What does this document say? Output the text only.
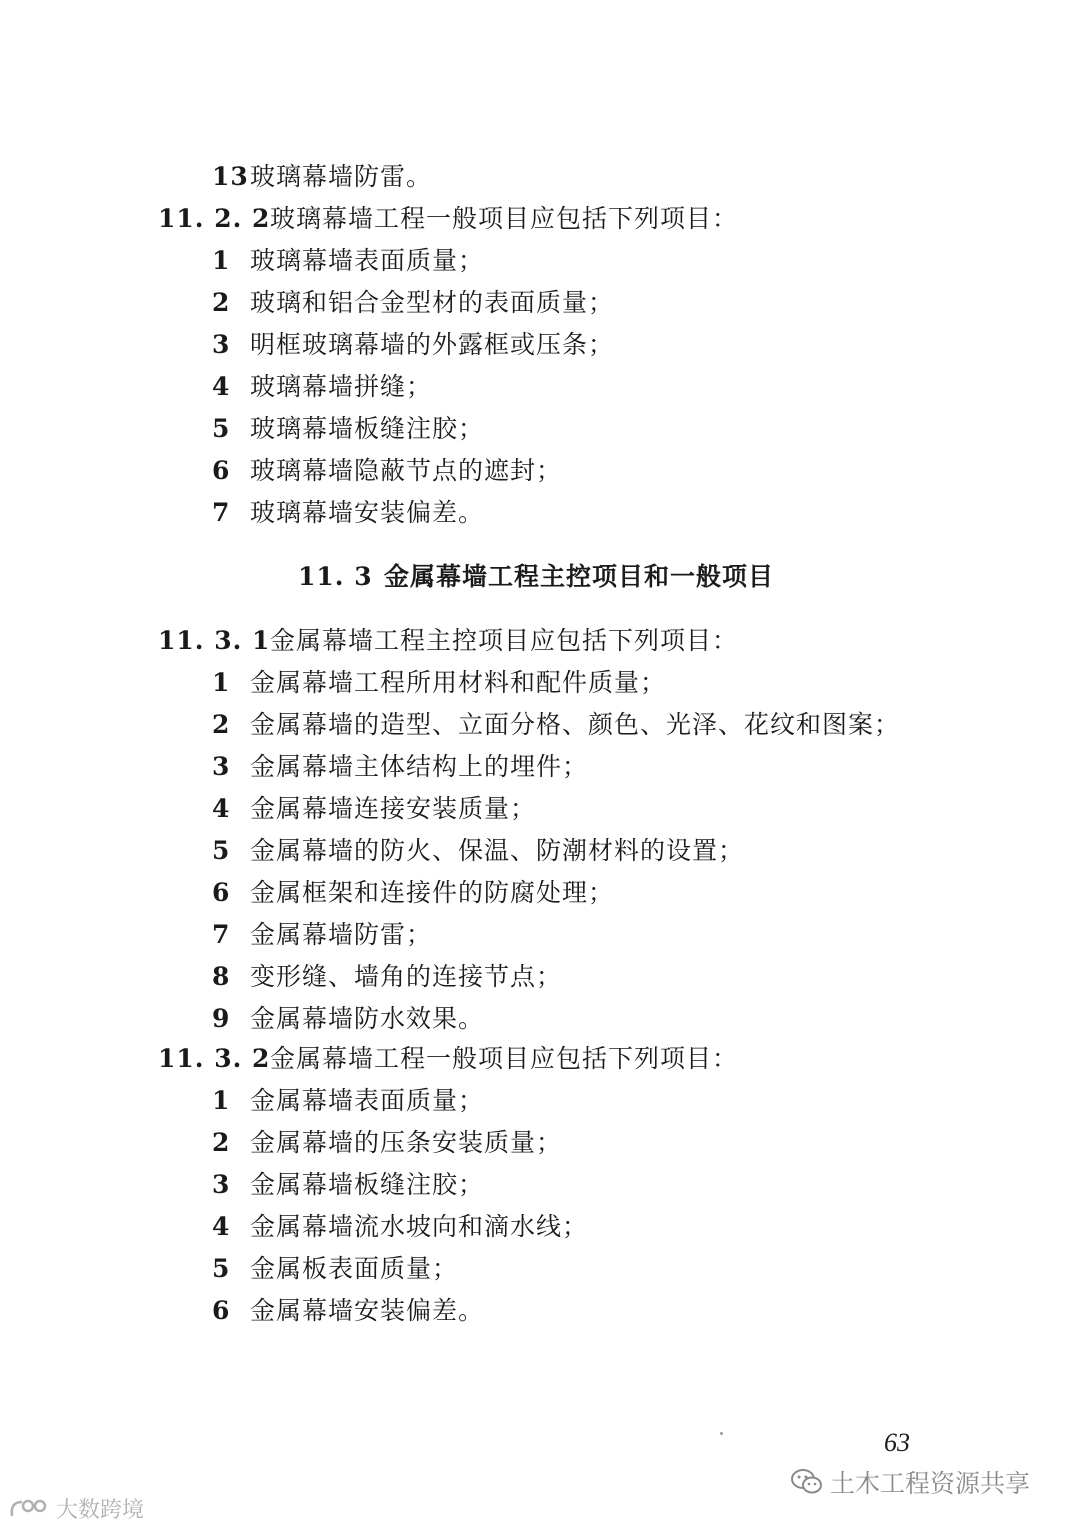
13玻璃幕墙防雷。
11. 2. 2玻璃幕墙工程一般项目应包括下列项目：
1 玻璃幕墙表面质量；
2 玻璃和铝合金型材的表面质量；
3 明框玻璃幕墙的外露框或压条；
4 玻璃幕墙拼缝；
5 玻璃幕墙板缝注胶；
6 玻璃幕墙隐蔽节点的遮封；
7 玻璃幕墙安装偏差。
11. 3 金属幕墙工程主控项目和一般项目
11. 3. 1金属幕墙工程主控项目应包括下列项目：
1 金属幕墙工程所用材料和配件质量；
2 金属幕墙的造型、立面分格、颜色、光泽、花纹和图案；
3 金属幕墙主体结构上的埋件；
4 金属幕墙连接安装质量；
5 金属幕墙的防火、保温、防潮材料的设置；
6 金属框架和连接件的防腐处理；
7 金属幕墙防雷；
8 变形缝、墙角的连接节点；
9 金属幕墙防水效果。
11. 3. 2金属幕墙工程一般项目应包括下列项目：
1 金属幕墙表面质量；
2 金属幕墙的压条安装质量；
3 金属幕墙板缝注胶；
4 金属幕墙流水坡向和滴水线；
5 金属板表面质量；
6 金属幕墙安装偏差。
63
土木工程资源共享
大数跨境
